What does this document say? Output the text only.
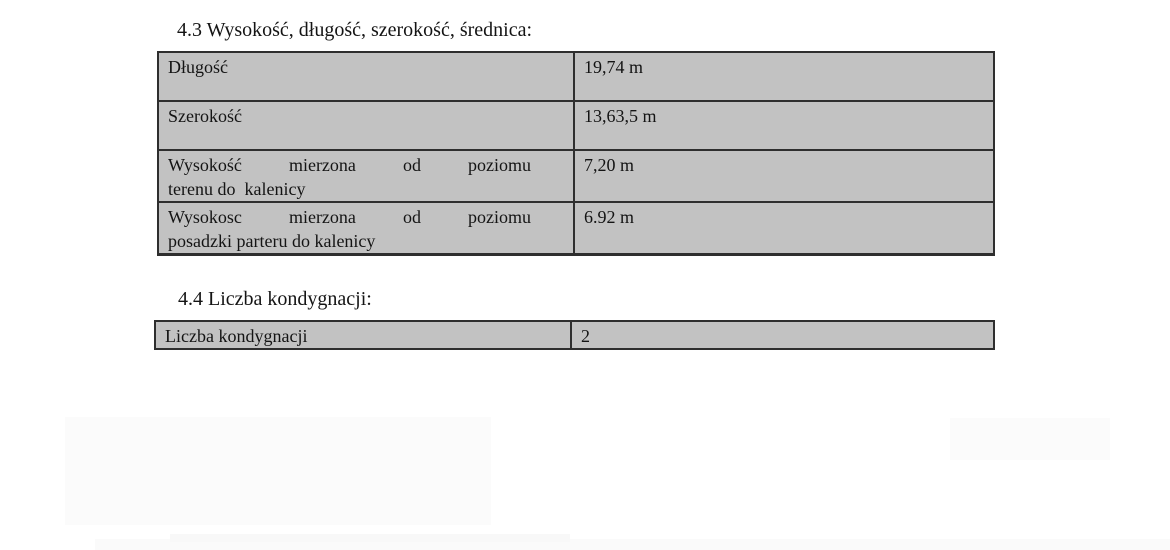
4.3 Wysokość, długość, szerokość, średnica:
Długość	19,74 m

Szerokość	13,63,5 m

Wysokość mierzona od poziomu
terenu do  kalenicy	7,20 m

Wysokosc mierzona od poziomu
posadzki parteru do kalenicy	6.92 m
4.4 Liczba kondygnacji:
Liczba kondygnacji	2
